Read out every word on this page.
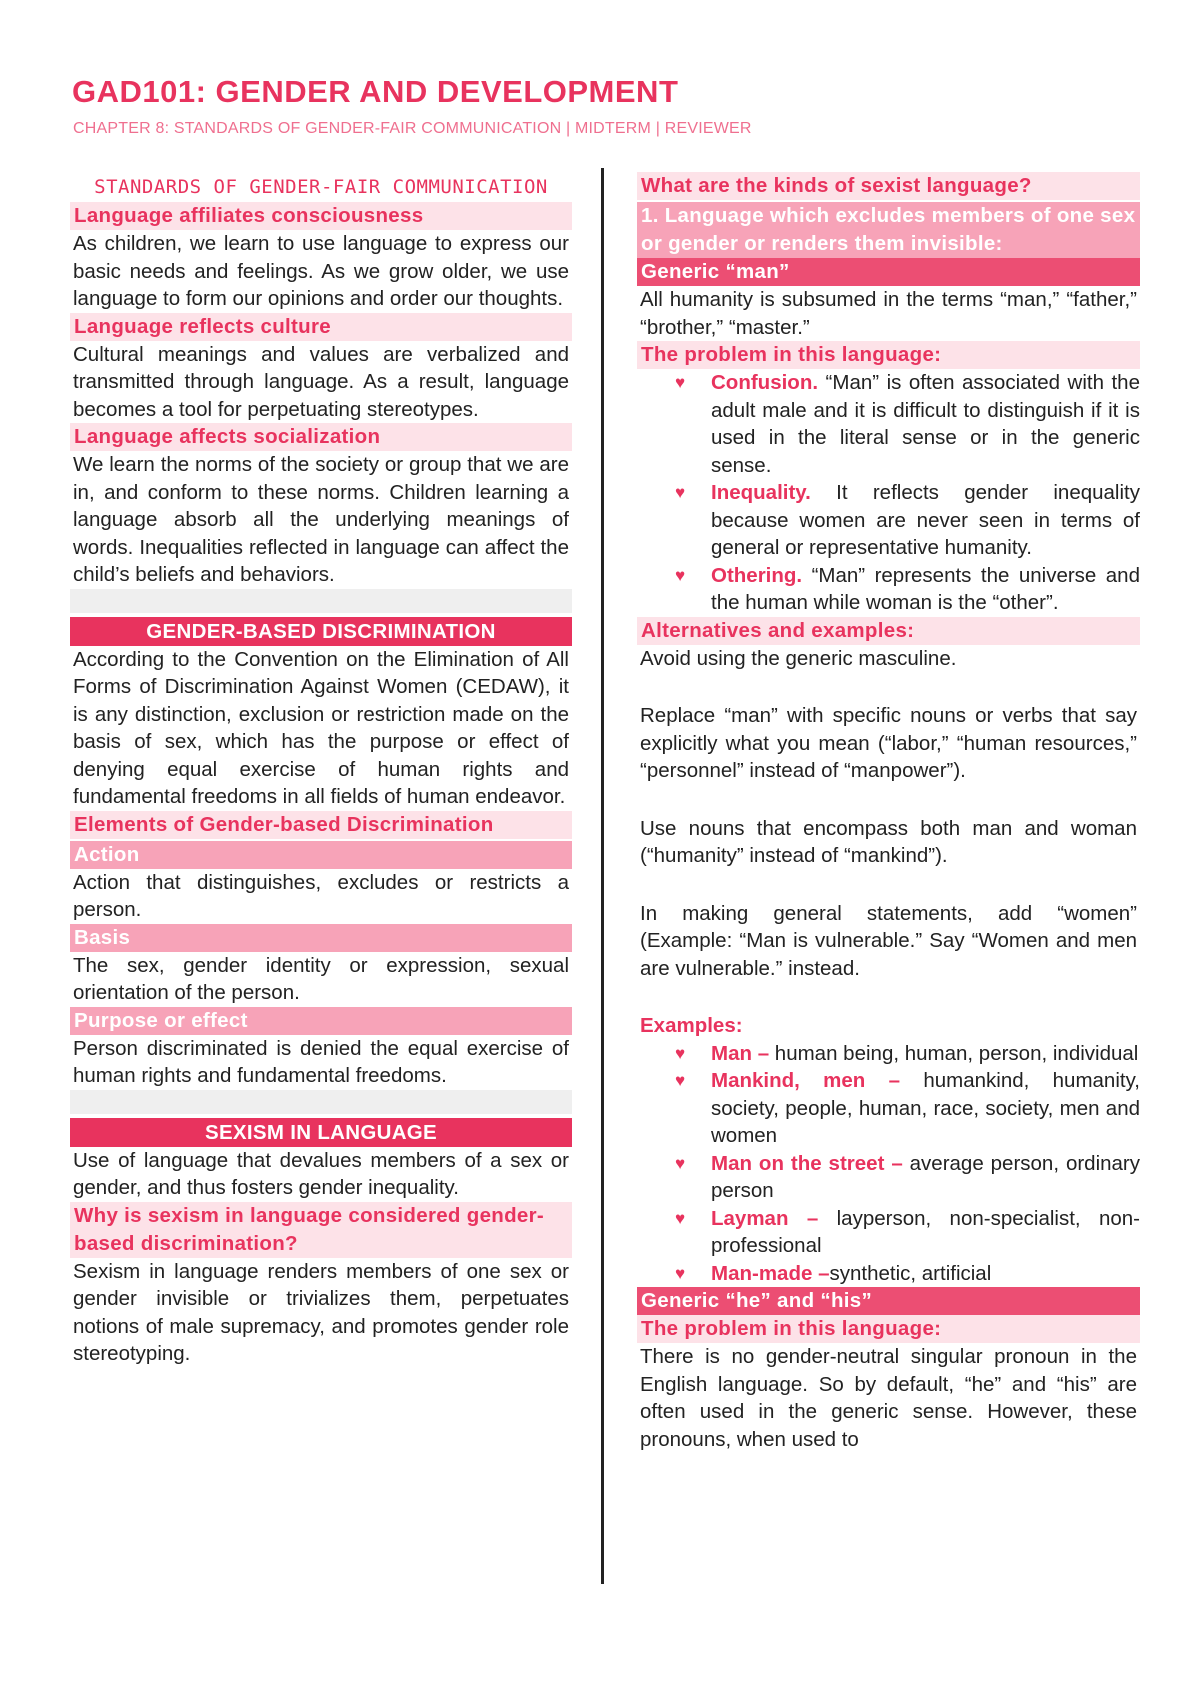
GAD101: GENDER AND DEVELOPMENT
CHAPTER 8: STANDARDS OF GENDER-FAIR COMMUNICATION | MIDTERM | REVIEWER
STANDARDS OF GENDER-FAIR COMMUNICATION
Language affiliates consciousness

As children, we learn to use language to express our basic needs and feelings. As we grow older, we use language to form our opinions and order our thoughts.

Language reflects culture

Cultural meanings and values are verbalized and transmitted through language. As a result, language becomes a tool for perpetuating stereotypes.

Language affects socialization

We learn the norms of the society or group that we are in, and conform to these norms. Children learning a language absorb all the underlying meanings of words. Inequalities reflected in language can affect the child’s beliefs and behaviors.

GENDER-BASED DISCRIMINATION

According to the Convention on the Elimination of All Forms of Discrimination Against Women (CEDAW), it is any distinction, exclusion or restriction made on the basis of sex, which has the purpose or effect of denying equal exercise of human rights and fundamental freedoms in all fields of human endeavor.

Elements of Gender-based Discrimination
Action

Action that distinguishes, excludes or restricts a person.

Basis

The sex, gender identity or expression, sexual orientation of the person.

Purpose or effect

Person discriminated is denied the equal exercise of human rights and fundamental freedoms.

SEXISM IN LANGUAGE

Use of language that devalues members of a sex or gender, and thus fosters gender inequality.

Why is sexism in language considered gender-based discrimination?

Sexism in language renders members of one sex or gender invisible or trivializes them, perpetuates notions of male supremacy, and promotes gender role stereotyping.

What are the kinds of sexist language?
1. Language which excludes members of one sex or gender or renders them invisible:
Generic “man”

All humanity is subsumed in the terms “man,” “father,” “brother,” “master.”

The problem in this language:
♥ Confusion. “Man” is often associated with the adult male and it is difficult to distinguish if it is used in the literal sense or in the generic sense.
♥ Inequality. It reflects gender inequality because women are never seen in terms of general or representative humanity.
♥ Othering. “Man” represents the universe and the human while woman is the “other”.
Alternatives and examples:

Avoid using the generic masculine.

Replace “man” with specific nouns or verbs that say explicitly what you mean (“labor,” “human resources,” “personnel” instead of “manpower”).

Use nouns that encompass both man and woman (“humanity” instead of “mankind”).

In making general statements, add “women” (Example: “Man is vulnerable.” Say “Women and men are vulnerable.” instead.

Examples:
♥ Man – human being, human, person, individual
♥ Mankind, men – humankind, humanity, society, people, human, race, society, men and women
♥ Man on the street – average person, ordinary person
♥ Layman – layperson, non-specialist, non-professional
♥ Man-made –synthetic, artificial
Generic “he” and “his”
The problem in this language:

There is no gender-neutral singular pronoun in the English language. So by default, “he” and “his” are often used in the generic sense. However, these pronouns, when used to
